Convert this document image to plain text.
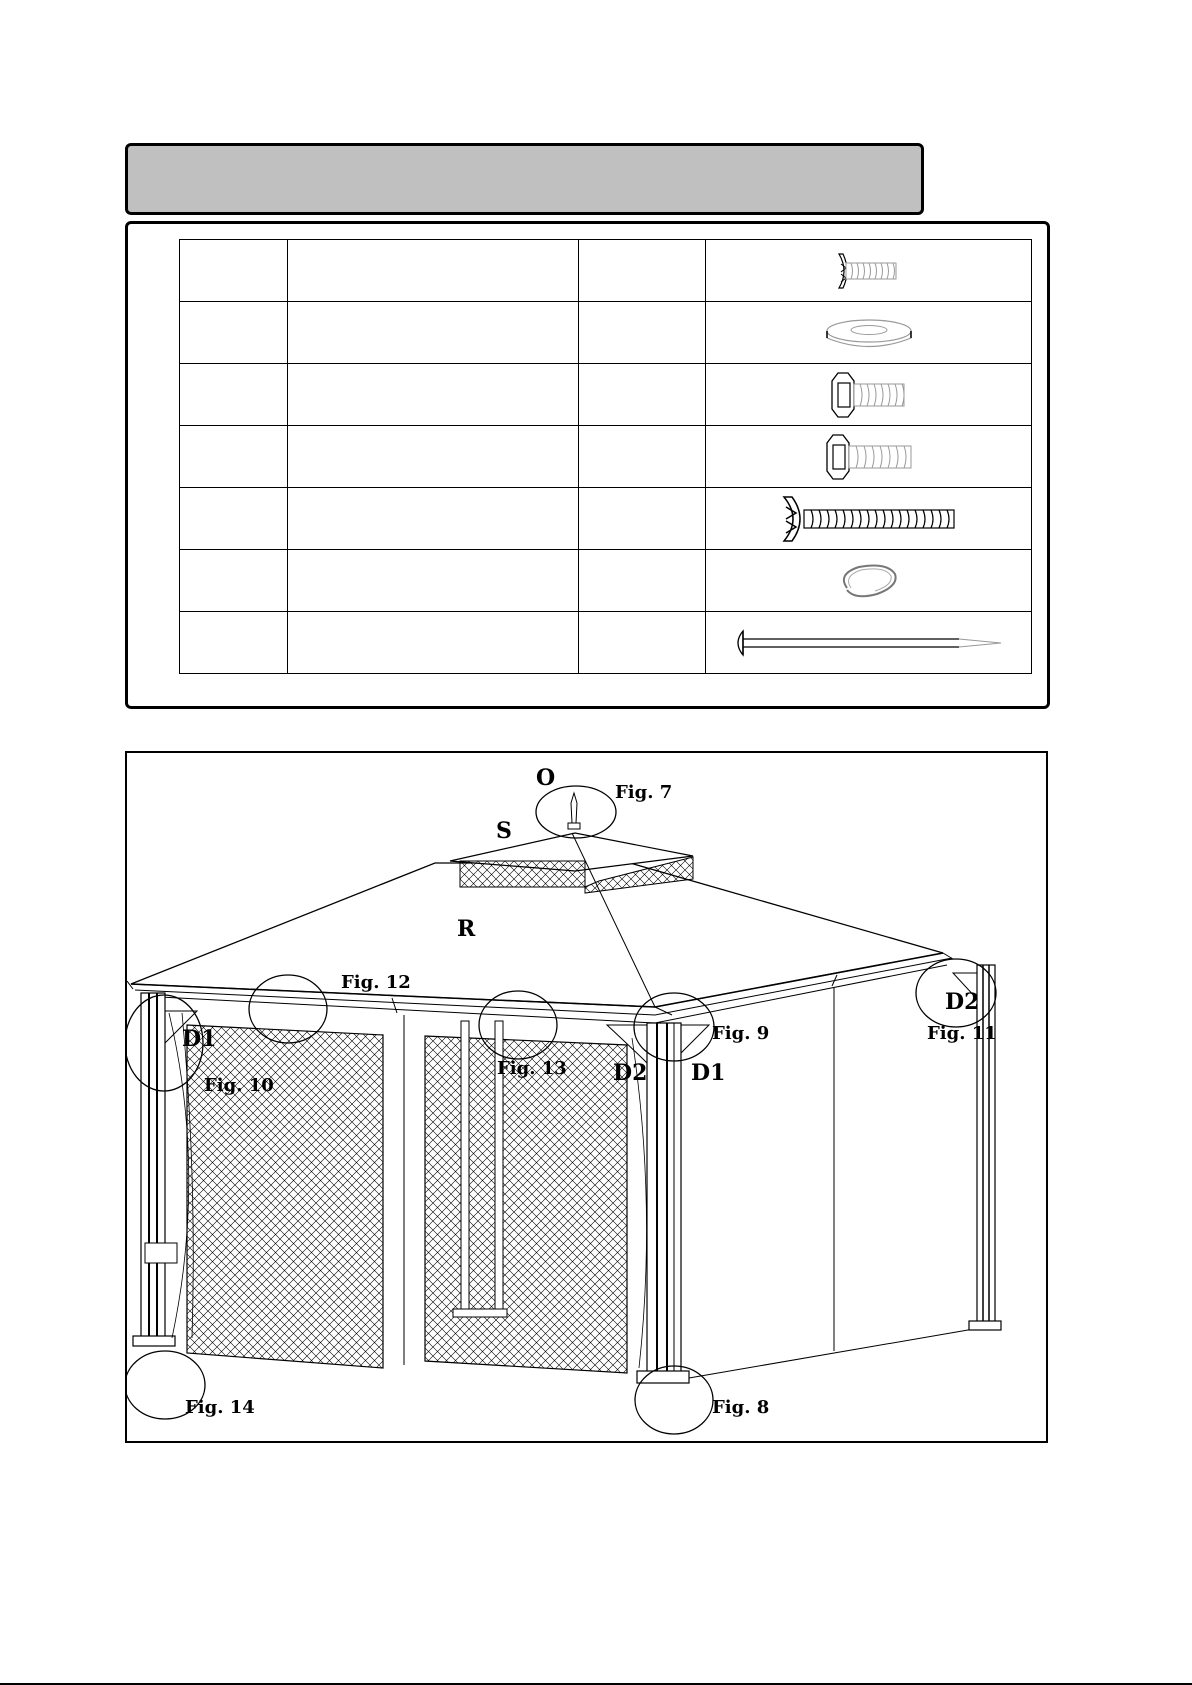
O
S
R
D1
D2 D1
D2
Fig. 7
Fig. 12
Fig. 9	Fig. 11
Fig. 13
Fig. 10
Fig. 14	Fig. 8
